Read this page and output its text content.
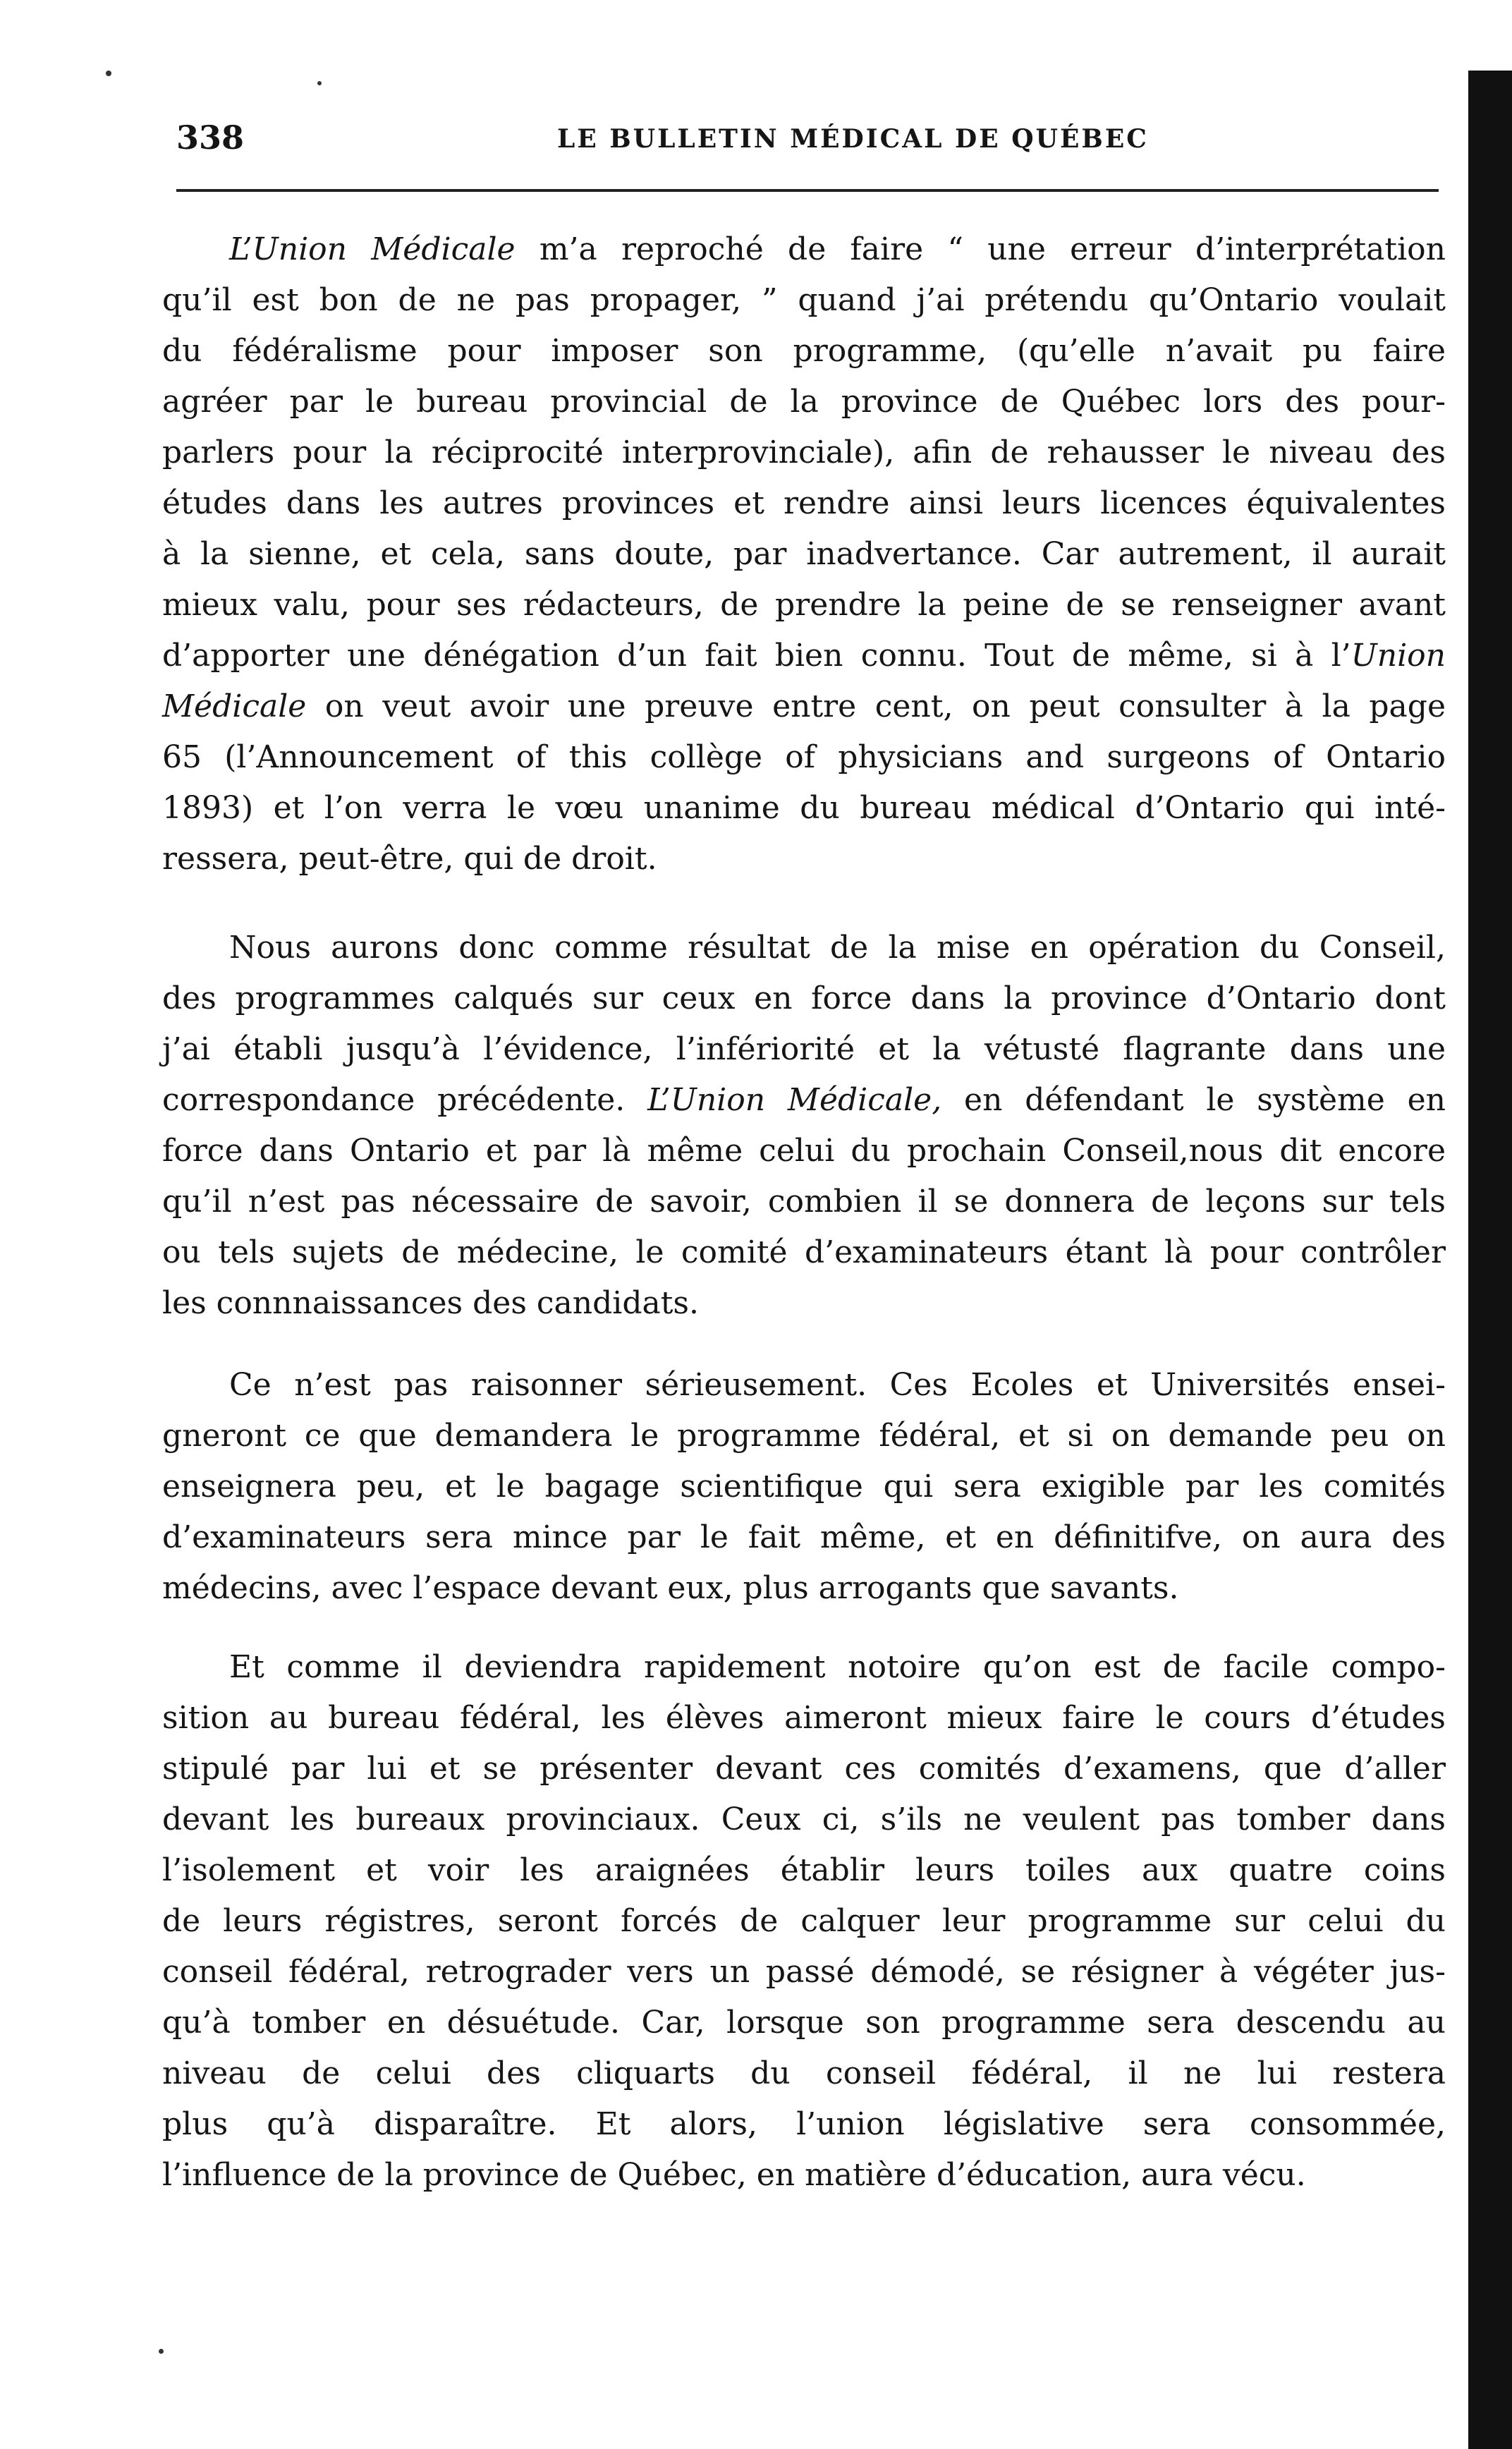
338	LE BULLETIN MÉDICAL DE QUÉBEC
L’Union Médicale m’a reproché de faire “ une erreur d’interprétation
qu’il est bon de ne pas propager, ” quand j’ai prétendu qu’Ontario voulait
du fédéralisme pour imposer son programme, (qu’elle n’avait pu faire
agréer par le bureau provincial de la province de Québec lors des pour-
parlers pour la réciprocité interprovinciale), afin de rehausser le niveau des
études dans les autres provinces et rendre ainsi leurs licences équivalentes
à la sienne, et cela, sans doute, par inadvertance. Car autrement, il aurait
mieux valu, pour ses rédacteurs, de prendre la peine de se renseigner avant
d’apporter une dénégation d’un fait bien connu. Tout de même, si à l’Union
Médicale on veut avoir une preuve entre cent, on peut consulter à la page
65 (l’Announcement of this collège of physicians and surgeons of Ontario
1893) et l’on verra le vœu unanime du bureau médical d’Ontario qui inté-
ressera, peut-être, qui de droit.
Nous aurons donc comme résultat de la mise en opération du Conseil,
des programmes calqués sur ceux en force dans la province d’Ontario dont
j’ai établi jusqu’à l’évidence, l’infériorité et la vétusté flagrante dans une
correspondance précédente. L’Union Médicale, en défendant le système en
force dans Ontario et par là même celui du prochain Conseil,nous dit encore
qu’il n’est pas nécessaire de savoir, combien il se donnera de leçons sur tels
ou tels sujets de médecine, le comité d’examinateurs étant là pour contrôler
les connnaissances des candidats.
Ce n’est pas raisonner sérieusement. Ces Ecoles et Universités ensei-
gneront ce que demandera le programme fédéral, et si on demande peu on
enseignera peu, et le bagage scientifique qui sera exigible par les comités
d’examinateurs sera mince par le fait même, et en définitifve, on aura des
médecins, avec l’espace devant eux, plus arrogants que savants.
Et comme il deviendra rapidement notoire qu’on est de facile compo-
sition au bureau fédéral, les élèves aimeront mieux faire le cours d’études
stipulé par lui et se présenter devant ces comités d’examens, que d’aller
devant les bureaux provinciaux. Ceux ci, s’ils ne veulent pas tomber dans
l’isolement et voir les araignées établir leurs toiles aux quatre coins
de leurs régistres, seront forcés de calquer leur programme sur celui du
conseil fédéral, retrograder vers un passé démodé, se résigner à végéter jus-
qu’à tomber en désuétude. Car, lorsque son programme sera descendu au
niveau de celui des cliquarts du conseil fédéral, il ne lui restera
plus qu’à disparaître. Et alors, l’union législative sera consommée,
l’influence de la province de Québec, en matière d’éducation, aura vécu.
